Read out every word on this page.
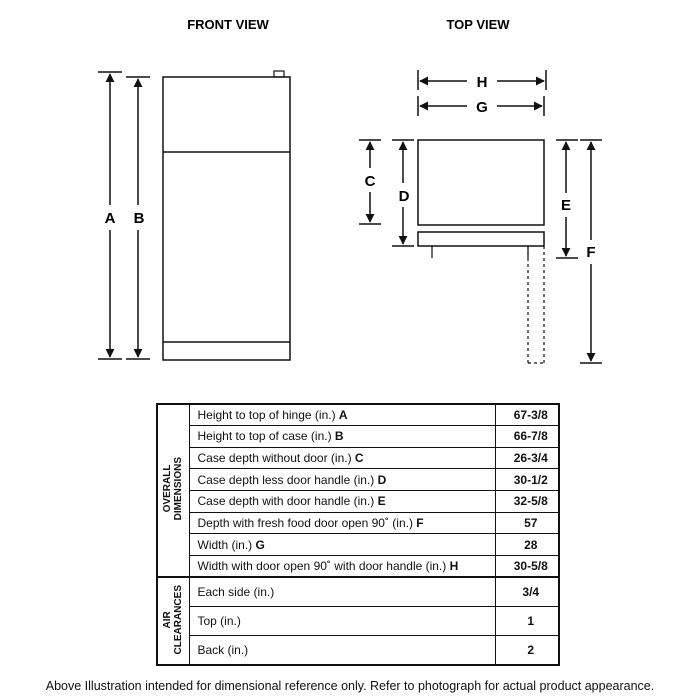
FRONT VIEW	TOP VIEW
A B
H
G
C
D
E
F
OVERALL DIMENSIONS	Height to top of hinge (in.) A	67-3/8
	Height to top of case (in.) B	66-7/8
	Case depth without door (in.) C	26-3/4
	Case depth less door handle (in.) D	30-1/2
	Case depth with door handle (in.) E	32-5/8
	Depth with fresh food door open 90˚ (in.) F	57
	Width (in.) G	28
	Width with door open 90˚ with door handle (in.) H	30-5/8

AIR CLEARANCES	Each side (in.)	3/4
	Top (in.)	1
	Back (in.)	2
Above Illustration intended for dimensional reference only. Refer to photograph for actual product appearance.
